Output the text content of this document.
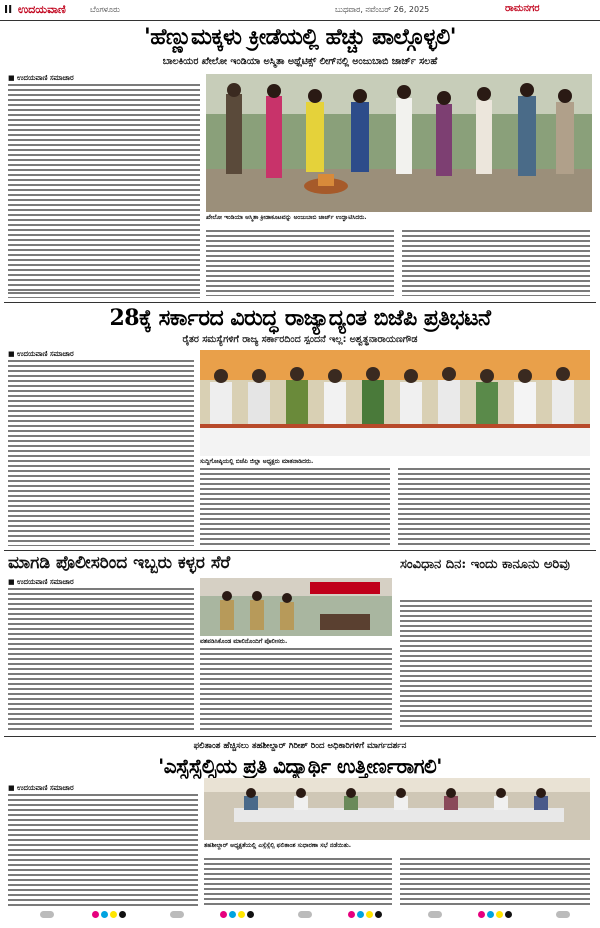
II ಉದಯವಾಣಿ	ಬೆಂಗಳೂರು	ಬುಧವಾರ, ನವೆಂಬರ್ 26, 2025	ರಾಮನಗರ
'ಹೆಣ್ಣುಮಕ್ಕಳು ಕ್ರೀಡೆಯಲ್ಲಿ ಹೆಚ್ಚು ಪಾಲ್ಗೊಳ್ಳಲಿ'
ಬಾಲಕಿಯರ ಖೇಲೋ ಇಂಡಿಯಾ ಅಸ್ಮಿತಾ ಅಥ್ಲೆಟಿಕ್ಸ್ ಲೀಗ್‌ನಲ್ಲಿ ಅಂಜುಬಾಬಿ ಜಾರ್ಜ್ ಸಲಹೆ
■ ಉದಯವಾಣಿ ಸಮಾಚಾರ
ಖೇಲೋ ಇಂಡಿಯಾ ಅಸ್ಮಿತಾ ಕ್ರೀಡಾಕೂಟವನ್ನು ಅಂಜುಬಾಬಿ ಜಾರ್ಜ್ ಉದ್ಘಾಟಿಸಿದರು.
28ಕ್ಕೆ ಸರ್ಕಾರದ ವಿರುದ್ಧ ರಾಜ್ಯಾದ್ಯಂತ ಬಿಜೆಪಿ ಪ್ರತಿಭಟನೆ
ರೈತರ ಸಮಸ್ಯೆಗಳಿಗೆ ರಾಜ್ಯ ಸರ್ಕಾರದಿಂದ ಸ್ಪಂದನೆ ಇಲ್ಲ: ಅಶ್ವತ್ಥನಾರಾಯಣಗೌಡ
■ ಉದಯವಾಣಿ ಸಮಾಚಾರ
ಸುದ್ದಿಗೋಷ್ಠಿಯಲ್ಲಿ ಬಿಜೆಪಿ ಜಿಲ್ಲಾ ಅಧ್ಯಕ್ಷರು ಮಾತನಾಡಿದರು.
ಮಾಗಡಿ ಪೊಲೀಸರಿಂದ ಇಬ್ಬರು ಕಳ್ಳರ ಸೆರೆ
■ ಉದಯವಾಣಿ ಸಮಾಚಾರ
ವಶಪಡಿಸಿಕೊಂಡ ಮಾಲಿನೊಂದಿಗೆ ಪೊಲೀಸರು.
ಸಂವಿಧಾನ ದಿನ: ಇಂದು ಕಾನೂನು ಅರಿವು
ಫಲಿತಾಂಶ ಹೆಚ್ಚಿಸಲು ತಹಶೀಲ್ದಾರ್ ಗಿರೀಶ್ ರಿಂದ ಅಧಿಕಾರಿಗಳಿಗೆ ಮಾರ್ಗದರ್ಶನ
'ಎಸ್ಸೆಸ್ಸೆಲ್ಸಿಯ ಪ್ರತಿ ವಿದ್ಯಾರ್ಥಿ ಉತ್ತೀರ್ಣರಾಗಲಿ'
■ ಉದಯವಾಣಿ ಸಮಾಚಾರ
ತಹಶೀಲ್ದಾರ್ ಅಧ್ಯಕ್ಷತೆಯಲ್ಲಿ ಎಸ್ಸೆಸ್ಸೆಲ್ಸಿ ಫಲಿತಾಂಶ ಸುಧಾರಣಾ ಸಭೆ ನಡೆಯಿತು.
